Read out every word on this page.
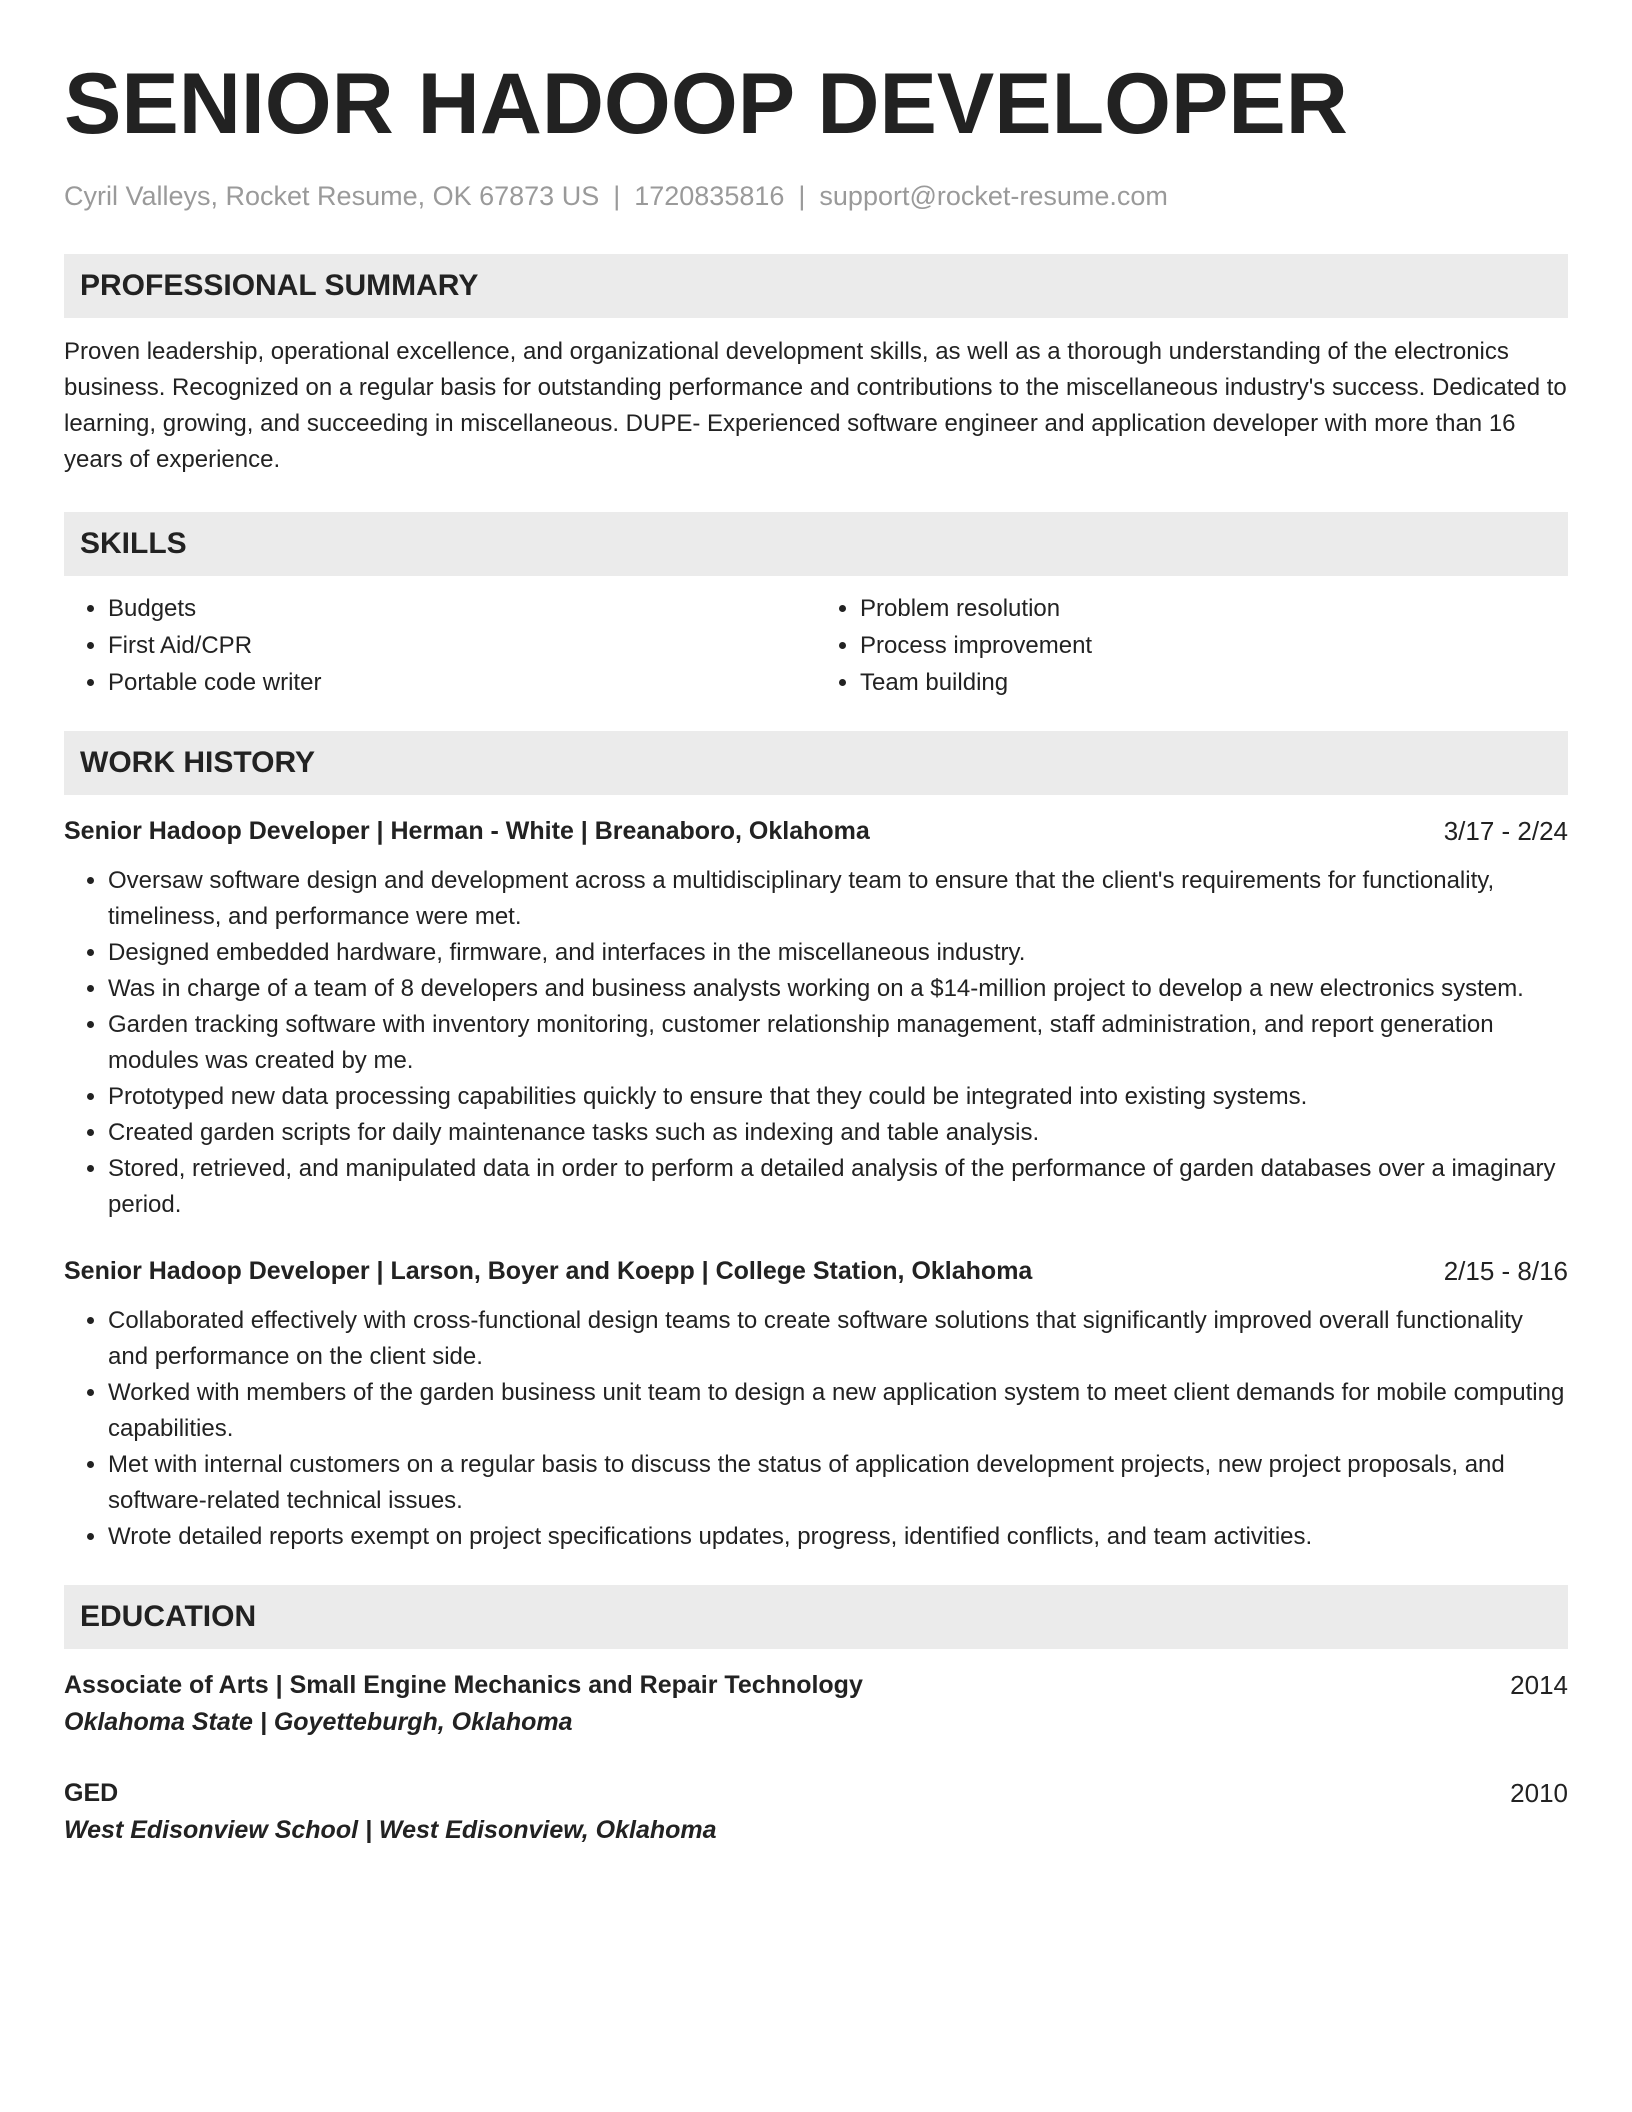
SENIOR HADOOP DEVELOPER
Cyril Valleys, Rocket Resume, OK 67873 US | 1720835816 | support@rocket-resume.com
PROFESSIONAL SUMMARY
Proven leadership, operational excellence, and organizational development skills, as well as a thorough understanding of the electronics business. Recognized on a regular basis for outstanding performance and contributions to the miscellaneous industry's success. Dedicated to learning, growing, and succeeding in miscellaneous. DUPE- Experienced software engineer and application developer with more than 16 years of experience.
SKILLS
• Budgets
• First Aid/CPR
• Portable code writer
• Problem resolution
• Process improvement
• Team building
WORK HISTORY
Senior Hadoop Developer | Herman - White | Breanaboro, Oklahoma	3/17 - 2/24
• Oversaw software design and development across a multidisciplinary team to ensure that the client's requirements for functionality, timeliness, and performance were met.
• Designed embedded hardware, firmware, and interfaces in the miscellaneous industry.
• Was in charge of a team of 8 developers and business analysts working on a $14-million project to develop a new electronics system.
• Garden tracking software with inventory monitoring, customer relationship management, staff administration, and report generation modules was created by me.
• Prototyped new data processing capabilities quickly to ensure that they could be integrated into existing systems.
• Created garden scripts for daily maintenance tasks such as indexing and table analysis.
• Stored, retrieved, and manipulated data in order to perform a detailed analysis of the performance of garden databases over a imaginary period.
Senior Hadoop Developer | Larson, Boyer and Koepp | College Station, Oklahoma	2/15 - 8/16
• Collaborated effectively with cross-functional design teams to create software solutions that significantly improved overall functionality and performance on the client side.
• Worked with members of the garden business unit team to design a new application system to meet client demands for mobile computing capabilities.
• Met with internal customers on a regular basis to discuss the status of application development projects, new project proposals, and software-related technical issues.
• Wrote detailed reports exempt on project specifications updates, progress, identified conflicts, and team activities.
EDUCATION
Associate of Arts | Small Engine Mechanics and Repair Technology	2014
Oklahoma State | Goyetteburgh, Oklahoma
GED	2010
West Edisonview School | West Edisonview, Oklahoma
